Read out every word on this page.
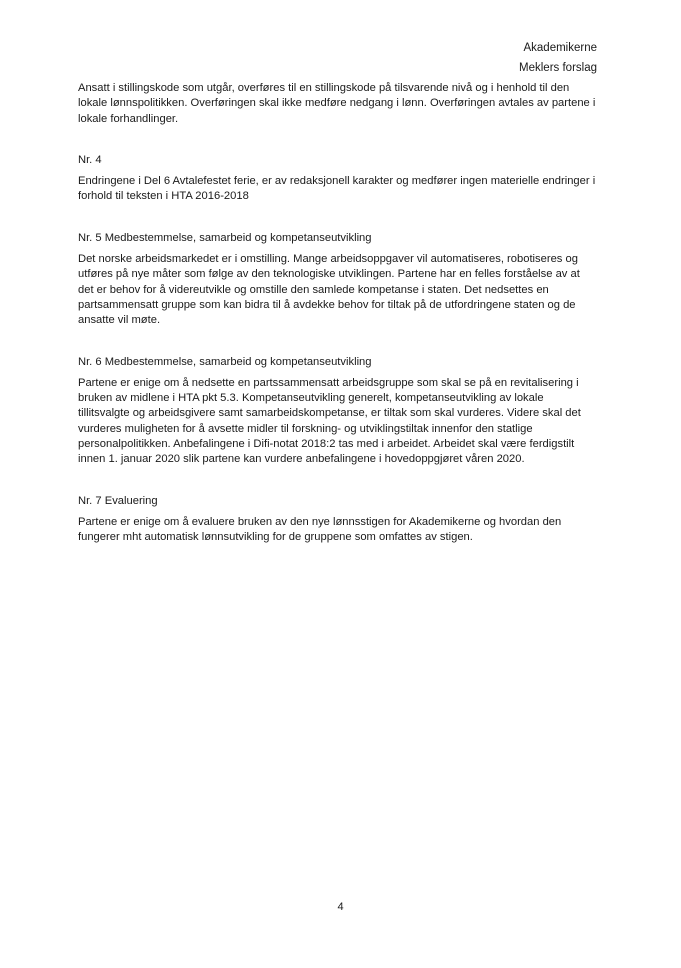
Akademikerne
Meklers forslag

Ansatt i stillingskode som utgår, overføres til en stillingskode på tilsvarende nivå og i henhold til den lokale lønnspolitikken. Overføringen skal ikke medføre nedgang i lønn. Overføringen avtales av partene i lokale forhandlinger.

Nr. 4

Endringene i Del 6 Avtalefestet ferie, er av redaksjonell karakter og medfører ingen materielle endringer i forhold til teksten i HTA 2016-2018

Nr. 5 Medbestemmelse, samarbeid og kompetanseutvikling

Det norske arbeidsmarkedet er i omstilling. Mange arbeidsoppgaver vil automatiseres, robotiseres og utføres på nye måter som følge av den teknologiske utviklingen. Partene har en felles forståelse av at det er behov for å videreutvikle og omstille den samlede kompetanse i staten. Det nedsettes en partsammensatt gruppe som kan bidra til å avdekke behov for tiltak på de utfordringene staten og de ansatte vil møte.

Nr. 6 Medbestemmelse, samarbeid og kompetanseutvikling

Partene er enige om å nedsette en partssammensatt arbeidsgruppe som skal se på en revitalisering i bruken av midlene i HTA pkt 5.3. Kompetanseutvikling generelt, kompetanseutvikling av lokale tillitsvalgte og arbeidsgivere samt samarbeidskompetanse, er tiltak som skal vurderes. Videre skal det vurderes muligheten for å avsette midler til forskning- og utviklingstiltak innenfor den statlige personalpolitikken. Anbefalingene i Difi-notat 2018:2 tas med i arbeidet. Arbeidet skal være ferdigstilt innen 1. januar 2020 slik partene kan vurdere anbefalingene i hovedoppgjøret våren 2020.

Nr. 7 Evaluering

Partene er enige om å evaluere bruken av den nye lønnsstigen for Akademikerne og hvordan den fungerer mht automatisk lønnsutvikling for de gruppene som omfattes av stigen.

4
